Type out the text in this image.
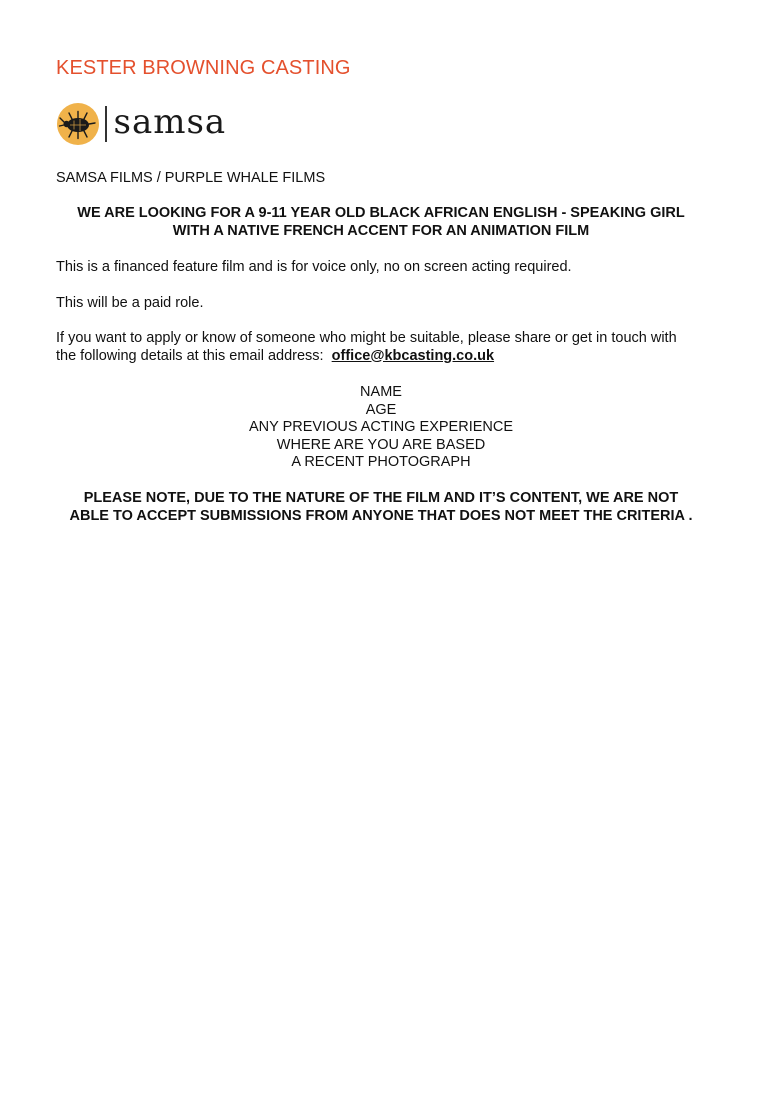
KESTER BROWNING CASTING
samsa
SAMSA FILMS / PURPLE WHALE FILMS
WE ARE LOOKING FOR A 9-11 YEAR OLD BLACK AFRICAN ENGLISH - SPEAKING GIRL
WITH A NATIVE FRENCH ACCENT FOR AN ANIMATION FILM
This is a financed feature film and is for voice only, no on screen acting required.
This will be a paid role.
If you want to apply or know of someone who might be suitable, please share or get in touch with
the following details at this email address: office@kbcasting.co.uk
NAME
AGE
ANY PREVIOUS ACTING EXPERIENCE
WHERE ARE YOU ARE BASED
A RECENT PHOTOGRAPH
PLEASE NOTE, DUE TO THE NATURE OF THE FILM AND IT’S CONTENT, WE ARE NOT
ABLE TO ACCEPT SUBMISSIONS FROM ANYONE THAT DOES NOT MEET THE CRITERIA .
